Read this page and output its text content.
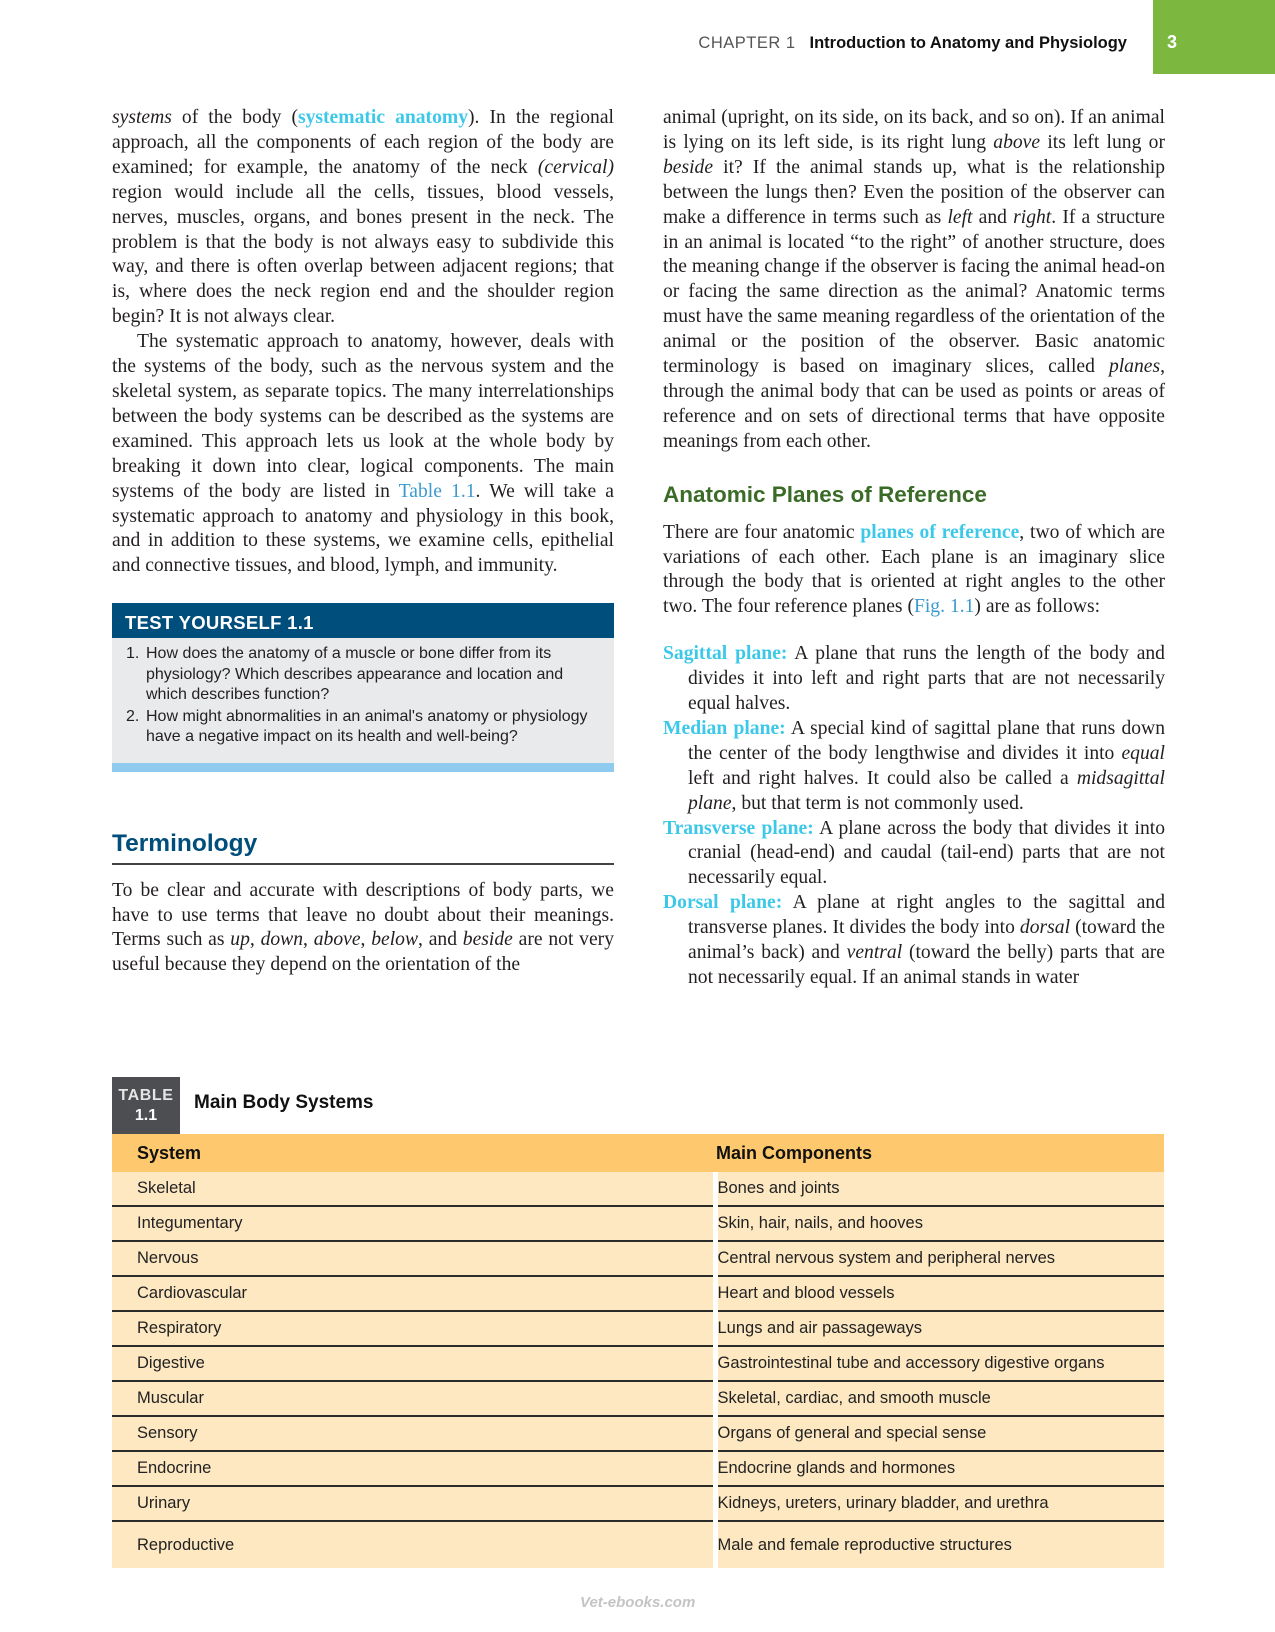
CHAPTER 1 Introduction to Anatomy and Physiology 3

systems of the body (systematic anatomy). In the regional approach, all the components of each region of the body are examined; for example, the anatomy of the neck (cervical) region would include all the cells, tissues, blood vessels, nerves, muscles, organs, and bones present in the neck. The problem is that the body is not always easy to subdivide this way, and there is often overlap between adjacent regions; that is, where does the neck region end and the shoulder region begin? It is not always clear.

The systematic approach to anatomy, however, deals with the systems of the body, such as the nervous system and the skeletal system, as separate topics. The many interrelationships between the body systems can be described as the systems are examined. This approach lets us look at the whole body by breaking it down into clear, logical components. The main systems of the body are listed in Table 1.1. We will take a systematic approach to anatomy and physiology in this book, and in addition to these systems, we examine cells, epithelial and connective tissues, and blood, lymph, and immunity.

TEST YOURSELF 1.1
1. How does the anatomy of a muscle or bone differ from its physiology? Which describes appearance and location and which describes function?
2. How might abnormalities in an animal's anatomy or physiology have a negative impact on its health and well-being?
Terminology

To be clear and accurate with descriptions of body parts, we have to use terms that leave no doubt about their meanings. Terms such as up, down, above, below, and beside are not very useful because they depend on the orientation of the

animal (upright, on its side, on its back, and so on). If an animal is lying on its left side, is its right lung above its left lung or beside it? If the animal stands up, what is the relationship between the lungs then? Even the position of the observer can make a difference in terms such as left and right. If a structure in an animal is located “to the right” of another structure, does the meaning change if the observer is facing the animal head-on or facing the same direction as the animal? Anatomic terms must have the same meaning regardless of the orientation of the animal or the position of the observer. Basic anatomic terminology is based on imaginary slices, called planes, through the animal body that can be used as points or areas of reference and on sets of directional terms that have opposite meanings from each other.

Anatomic Planes of Reference

There are four anatomic planes of reference, two of which are variations of each other. Each plane is an imaginary slice through the body that is oriented at right angles to the other two. The four reference planes (Fig. 1.1) are as follows:

Sagittal plane: A plane that runs the length of the body and divides it into left and right parts that are not necessarily equal halves.

Median plane: A special kind of sagittal plane that runs down the center of the body lengthwise and divides it into equal left and right halves. It could also be called a midsagittal plane, but that term is not commonly used.

Transverse plane: A plane across the body that divides it into cranial (head-end) and caudal (tail-end) parts that are not necessarily equal.

Dorsal plane: A plane at right angles to the sagittal and transverse planes. It divides the body into dorsal (toward the animal’s back) and ventral (toward the belly) parts that are not necessarily equal. If an animal stands in water

TABLE
1.1
Main Body Systems
System	Main Components
Skeletal	Bones and joints
Integumentary	Skin, hair, nails, and hooves
Nervous	Central nervous system and peripheral nerves
Cardiovascular	Heart and blood vessels
Respiratory	Lungs and air passageways
Digestive	Gastrointestinal tube and accessory digestive organs
Muscular	Skeletal, cardiac, and smooth muscle
Sensory	Organs of general and special sense
Endocrine	Endocrine glands and hormones
Urinary	Kidneys, ureters, urinary bladder, and urethra
Reproductive	Male and female reproductive structures
Vet-ebooks.com
